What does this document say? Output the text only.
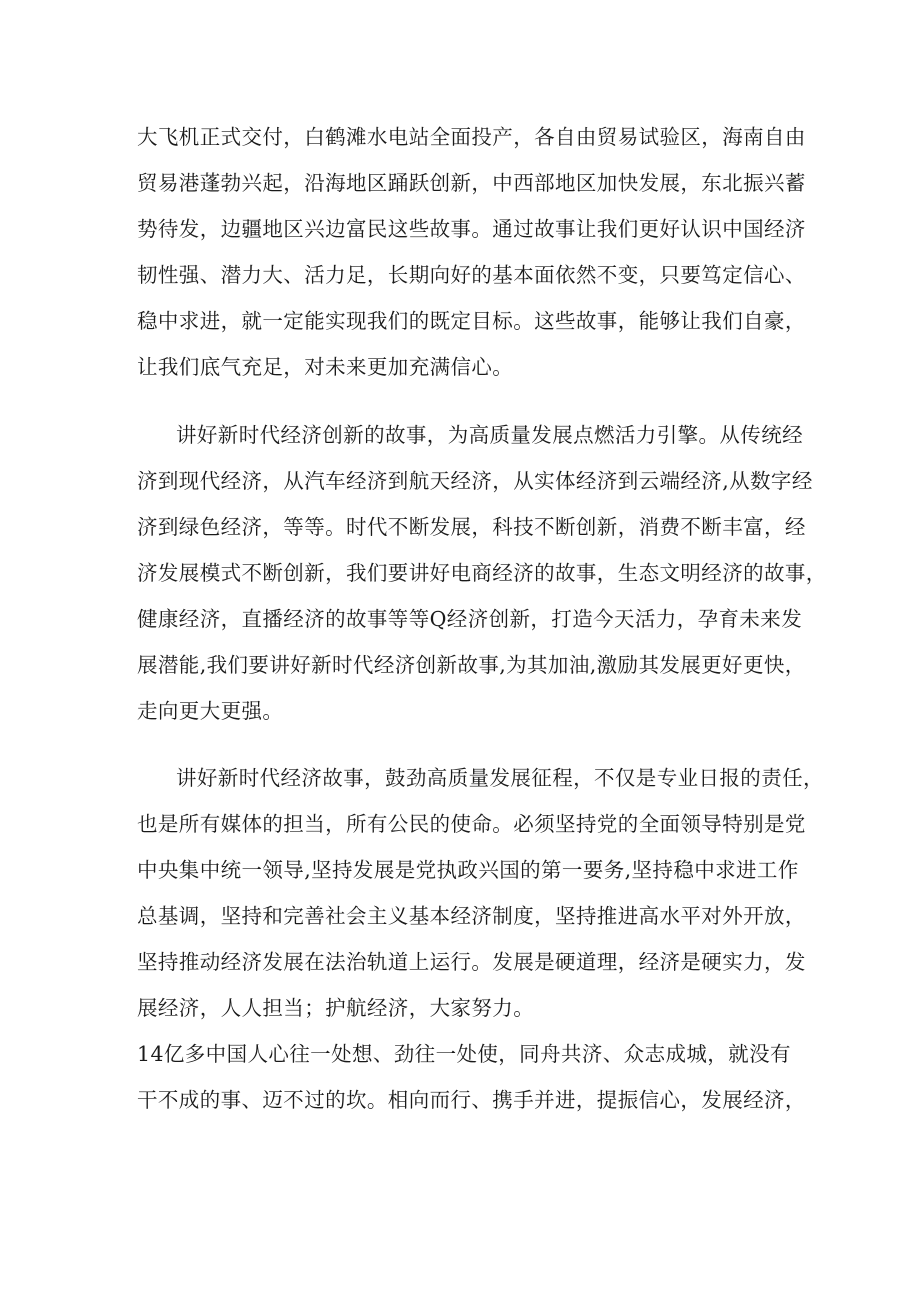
大飞机正式交付，白鹤滩水电站全面投产，各自由贸易试验区，海南自由
贸易港蓬勃兴起，沿海地区踊跃创新，中西部地区加快发展，东北振兴蓄
势待发，边疆地区兴边富民这些故事。通过故事让我们更好认识中国经济
韧性强、潜力大、活力足，长期向好的基本面依然不变，只要笃定信心、
稳中求进，就一定能实现我们的既定目标。这些故事，能够让我们自豪，
让我们底气充足，对未来更加充满信心。
讲好新时代经济创新的故事，为高质量发展点燃活力引擎。从传统经
济到现代经济，从汽车经济到航天经济，从实体经济到云端经济,从数字经
济到绿色经济，等等。时代不断发展，科技不断创新，消费不断丰富，经
济发展模式不断创新，我们要讲好电商经济的故事，生态文明经济的故事，
健康经济，直播经济的故事等等Q经济创新，打造今天活力，孕育未来发
展潜能,我们要讲好新时代经济创新故事,为其加油,激励其发展更好更快，
走向更大更强。
讲好新时代经济故事，鼓劲高质量发展征程，不仅是专业日报的责任，
也是所有媒体的担当，所有公民的使命。必须坚持党的全面领导特别是党
中央集中统一领导,坚持发展是党执政兴国的第一要务,坚持稳中求进工作
总基调，坚持和完善社会主义基本经济制度，坚持推进高水平对外开放，
坚持推动经济发展在法治轨道上运行。发展是硬道理，经济是硬实力，发
展经济，人人担当；护航经济，大家努力。
14亿多中国人心往一处想、劲往一处使，同舟共济、众志成城，就没有
干不成的事、迈不过的坎。相向而行、携手并进，提振信心，发展经济，
